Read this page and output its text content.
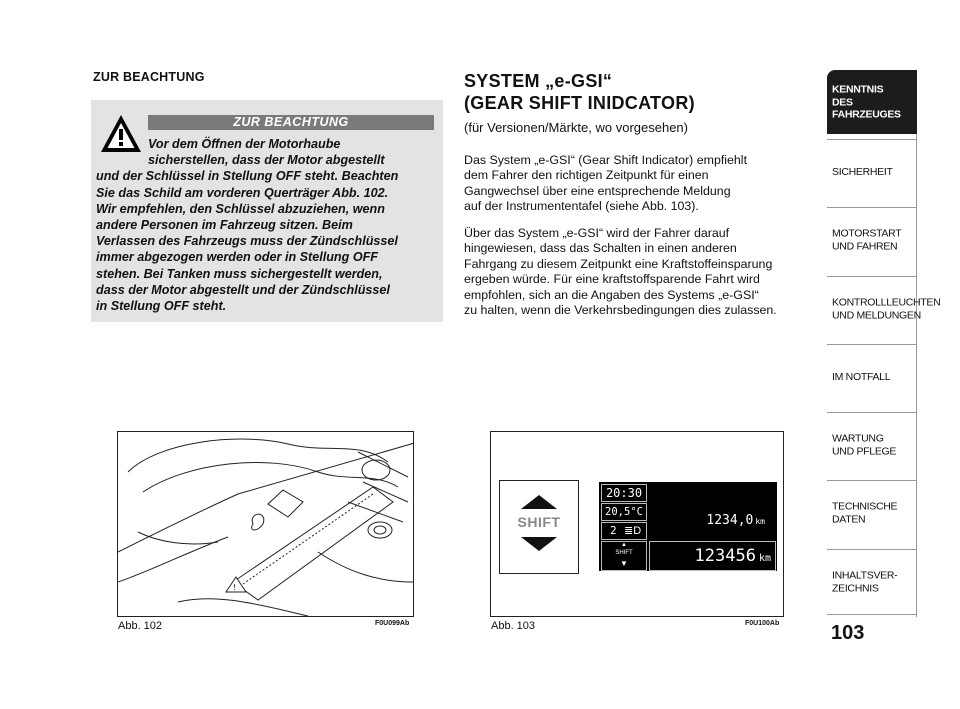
ZUR BEACHTUNG
ZUR BEACHTUNG
Vor dem Öffnen der Motorhaube
sicherstellen, dass der Motor abgestellt
und der Schlüssel in Stellung OFF steht. Beachten
Sie das Schild am vorderen Querträger Abb. 102.
Wir empfehlen, den Schlüssel abzuziehen, wenn
andere Personen im Fahrzeug sitzen. Beim
Verlassen des Fahrzeugs muss der Zündschlüssel
immer abgezogen werden oder in Stellung OFF
stehen. Bei Tanken muss sichergestellt werden,
dass der Motor abgestellt und der Zündschlüssel
in Stellung OFF steht.
SYSTEM „e-GSI“
(GEAR SHIFT INIDCATOR)
(für Versionen/Märkte, wo vorgesehen)
Das System „e-GSI“ (Gear Shift Indicator) empfiehlt
dem Fahrer den richtigen Zeitpunkt für einen
Gangwechsel über eine entsprechende Meldung
auf der Instrumententafel (siehe Abb. 103).
Über das System „e-GSI“ wird der Fahrer darauf
hingewiesen, dass das Schalten in einen anderen
Fahrgang zu diesem Zeitpunkt eine Kraftstoffeinsparung
ergeben würde. Für eine kraftstoffsparende Fahrt wird
empfohlen, sich an die Angaben des Systems „e-GSI“
zu halten, wenn die Verkehrsbedingungen dies zulassen.
!
Abb. 102	F0U099Ab
SHIFT
20:30
20,5°C
2 ≣D
▲
SHIFT
▼
1234,0 km
123456 km
Abb. 103	F0U100Ab
KENNTNIS
DES FAHRZEUGES
SICHERHEIT
MOTORSTART
UND FAHREN
KONTROLLLEUCHTEN
UND MELDUNGEN
IM NOTFALL
WARTUNG
UND PFLEGE
TECHNISCHE
DATEN
INHALTSVER-
ZEICHNIS
103
